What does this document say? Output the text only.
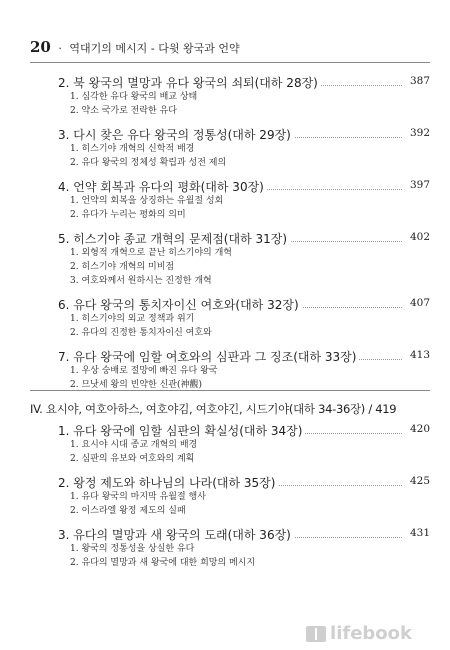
20 · 역대기의 메시지 - 다윗 왕국과 언약
2. 북 왕국의 멸망과 유다 왕국의 쇠퇴(대하 28장)	387
1. 심각한 유다 왕국의 배교 상태
2. 약소 국가로 전락한 유다
3. 다시 찾은 유다 왕국의 정통성(대하 29장)	392
1. 히스기야 개혁의 신학적 배경
2. 유다 왕국의 정체성 확립과 성전 제의
4. 언약 회복과 유다의 평화(대하 30장)	397
1. 언약의 회복을 상징하는 유월절 성회
2. 유다가 누리는 평화의 의미
5. 히스기야 종교 개혁의 문제점(대하 31장)	402
1. 외형적 개혁으로 끝난 히스기야의 개혁
2. 히스기야 개혁의 미비점
3. 여호와께서 원하시는 진정한 개혁
6. 유다 왕국의 통치자이신 여호와(대하 32장)	407
1. 히스기야의 외교 정책과 위기
2. 유다의 진정한 통치자이신 여호와
7. 유다 왕국에 임할 여호와의 심판과 그 징조(대하 33장)	413
1. 우상 숭배로 절망에 빠진 유다 왕국
2. 므낫세 왕의 빈약한 신관(神觀)
IV. 요시야, 여호아하스, 여호야김, 여호야긴, 시드기야(대하 34-36장) / 419
1. 유다 왕국에 임할 심판의 확실성(대하 34장)	420
1. 요시야 시대 종교 개혁의 배경
2. 심판의 유보와 여호와의 계획
2. 왕정 제도와 하나님의 나라(대하 35장)	425
1. 유다 왕국의 마지막 유월절 행사
2. 이스라엘 왕정 제도의 실패
3. 유다의 멸망과 새 왕국의 도래(대하 36장)	431
1. 왕국의 정통성을 상실한 유다
2. 유다의 멸망과 새 왕국에 대한 희망의 메시지
lifebook
